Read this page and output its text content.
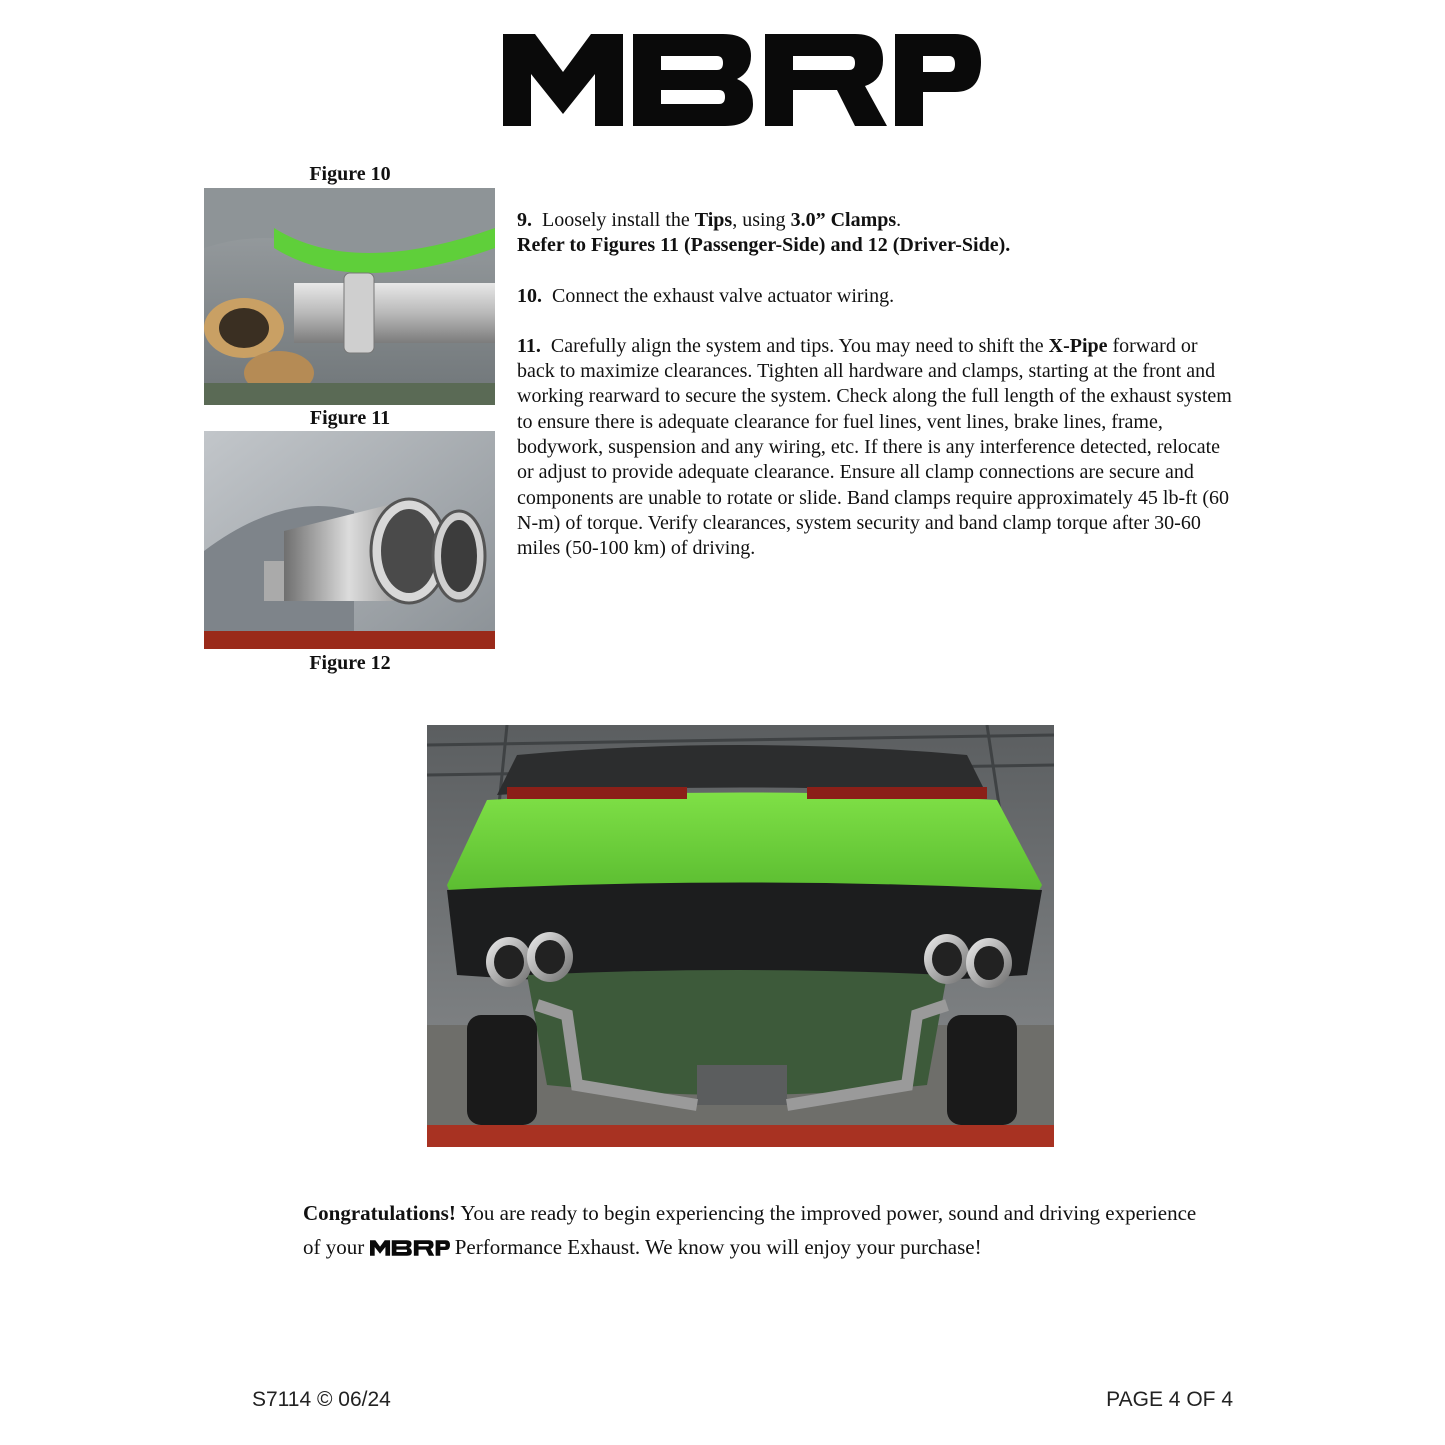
Figure 10
Figure 11
Figure 12

9. Loosely install the Tips, using 3.0” Clamps.
Refer to Figures 11 (Passenger-Side) and 12 (Driver-Side).

10. Connect the exhaust valve actuator wiring.

11. Carefully align the system and tips. You may need to shift the X-Pipe forward or back to maximize clearances. Tighten all hardware and clamps, starting at the front and working rearward to secure the system. Check along the full length of the exhaust system to ensure there is adequate clearance for fuel lines, vent lines, brake lines, frame, bodywork, suspension and any wiring, etc. If there is any interference detected, relocate or adjust to provide adequate clearance. Ensure all clamp connections are secure and components are unable to rotate or slide. Band clamps require approximately 45 lb-ft (60 N-m) of torque. Verify clearances, system security and band clamp torque after 30-60 miles (50-100 km) of driving.

Congratulations! You are ready to begin experiencing the improved power, sound and driving experience of your	Performance Exhaust. We know you will enjoy your purchase!
S7114 © 06/24	PAGE 4 OF 4
